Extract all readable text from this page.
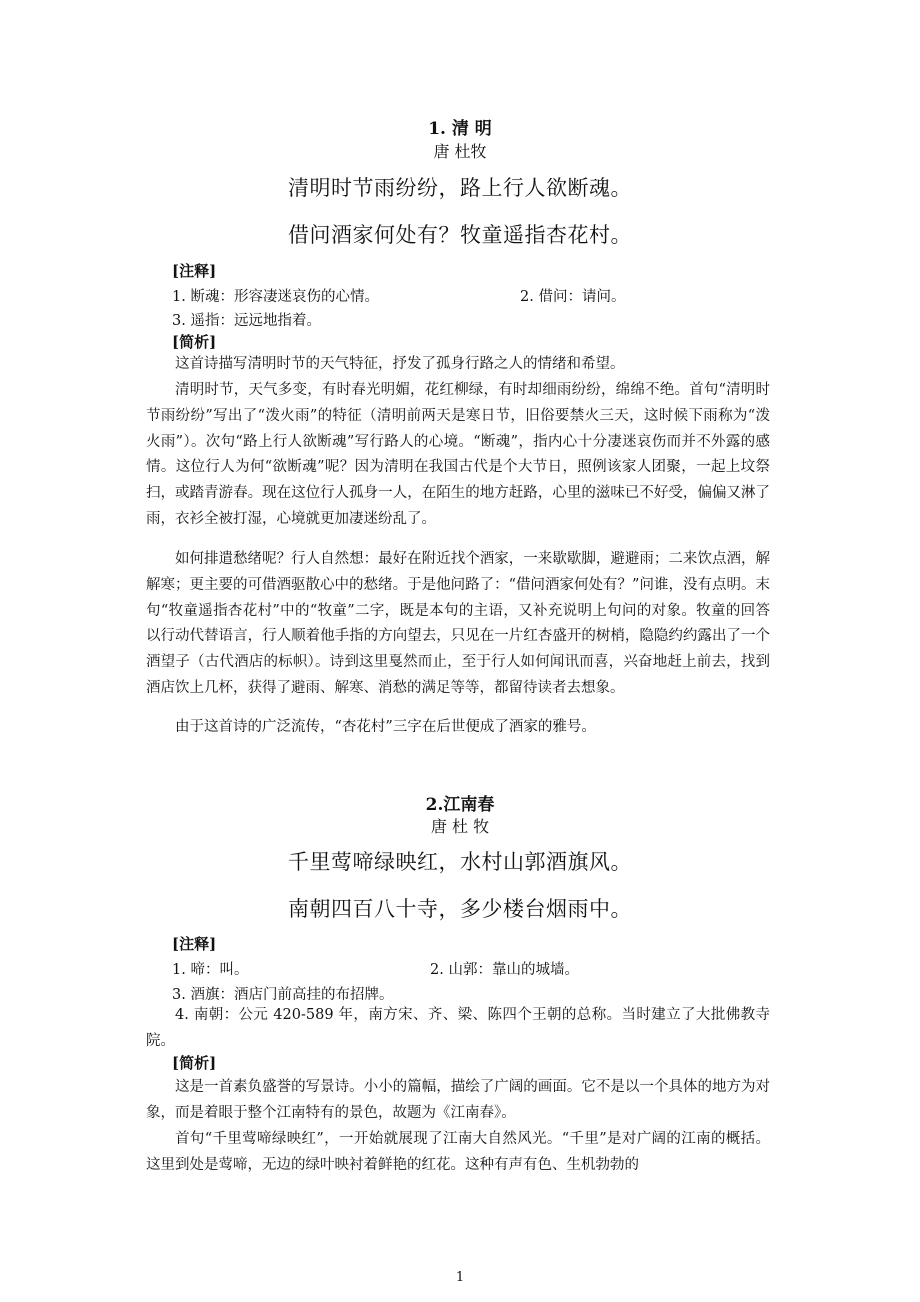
1. 清 明
唐 杜牧
清明时节雨纷纷，路上行人欲断魂。
借问酒家何处有？牧童遥指杏花村。
[注释]
1. 断魂：形容凄迷哀伤的心情。	2. 借问：请问。
3. 遥指：远远地指着。
[简析]

这首诗描写清明时节的天气特征，抒发了孤身行路之人的情绪和希望。

清明时节，天气多变，有时春光明媚，花红柳绿，有时却细雨纷纷，绵绵不绝。首句“清明时节雨纷纷”写出了“泼火雨”的特征（清明前两天是寒日节，旧俗要禁火三天，这时候下雨称为“泼火雨”）。次句“路上行人欲断魂”写行路人的心境。“断魂”，指内心十分凄迷哀伤而并不外露的感情。这位行人为何“欲断魂”呢？因为清明在我国古代是个大节日，照例该家人团聚，一起上坟祭扫，或踏青游春。现在这位行人孤身一人，在陌生的地方赶路，心里的滋味已不好受，偏偏又淋了雨，衣衫全被打湿，心境就更加凄迷纷乱了。

如何排遣愁绪呢？行人自然想：最好在附近找个酒家，一来歇歇脚，避避雨；二来饮点酒，解解寒；更主要的可借酒驱散心中的愁绪。于是他问路了：“借问酒家何处有？”问谁，没有点明。末句“牧童遥指杏花村”中的“牧童”二字，既是本句的主语，又补充说明上句问的对象。牧童的回答以行动代替语言，行人顺着他手指的方向望去，只见在一片红杏盛开的树梢，隐隐约约露出了一个酒望子（古代酒店的标帜）。诗到这里戛然而止，至于行人如何闻讯而喜，兴奋地赶上前去，找到酒店饮上几杯，获得了避雨、解寒、消愁的满足等等，都留待读者去想象。

由于这首诗的广泛流传，“杏花村”三字在后世便成了酒家的雅号。

2.江南春
唐 杜 牧
千里莺啼绿映红，水村山郭酒旗风。
南朝四百八十寺，多少楼台烟雨中。
[注释]
1. 啼：叫。	2. 山郭：靠山的城墙。
3. 酒旗：酒店门前高挂的布招牌。

4. 南朝：公元 420-589 年，南方宋、齐、梁、陈四个王朝的总称。当时建立了大批佛教寺院。

[简析]

这是一首素负盛誉的写景诗。小小的篇幅，描绘了广阔的画面。它不是以一个具体的地方为对象，而是着眼于整个江南特有的景色，故题为《江南春》。

首句“千里莺啼绿映红”，一开始就展现了江南大自然风光。“千里”是对广阔的江南的概括。这里到处是莺啼，无边的绿叶映衬着鲜艳的红花。这种有声有色、生机勃勃的

1
